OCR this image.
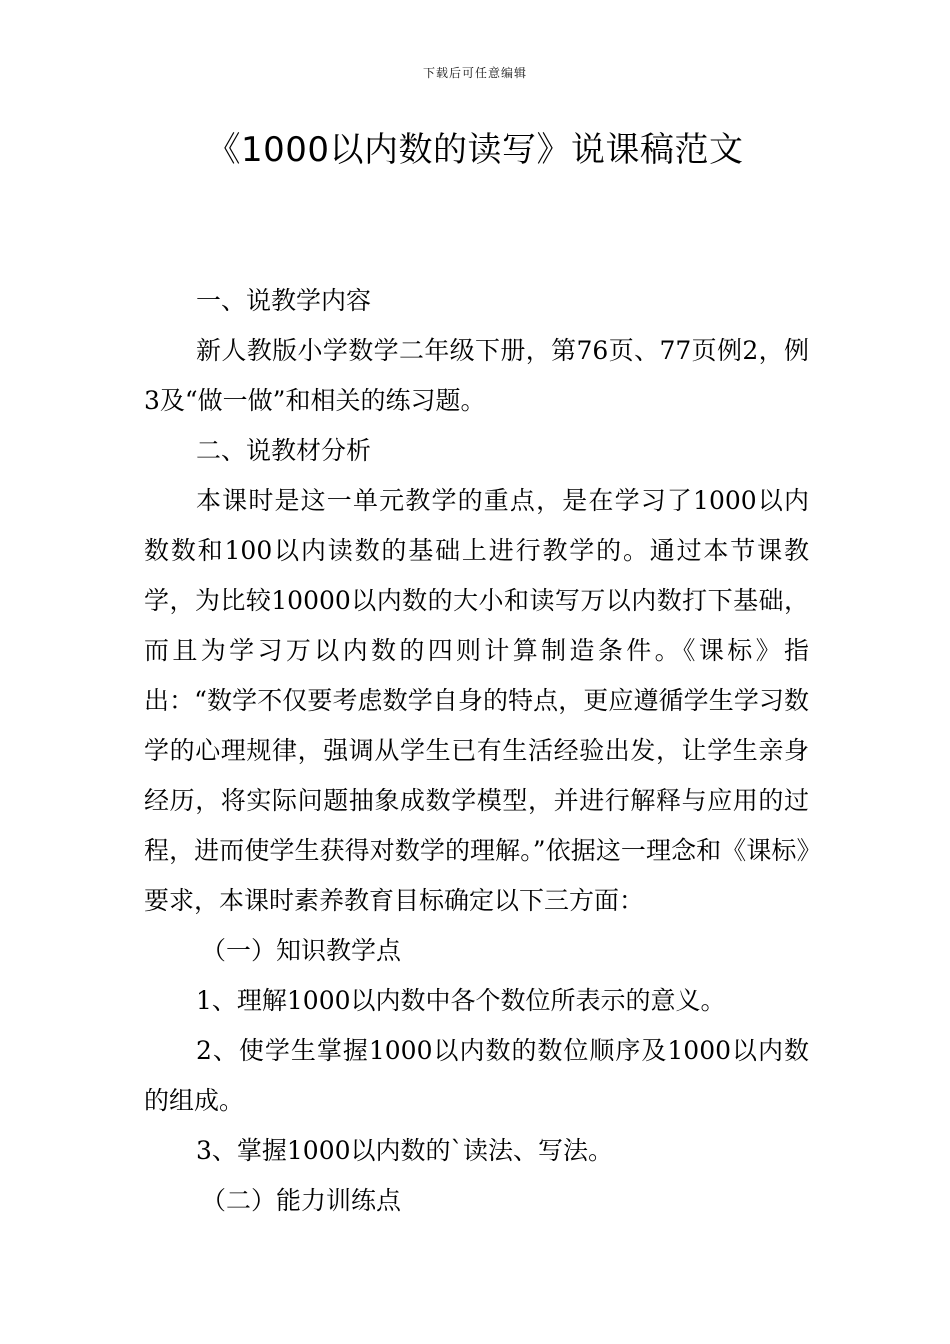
下载后可任意编辑
《1000以内数的读写》说课稿范文

一、说教学内容

新人教版小学数学二年级下册，第76页、77页例2，例3及“做一做”和相关的练习题。

二、说教材分析

本课时是这一单元教学的重点，是在学习了1000以内数数和100以内读数的基础上进行教学的。通过本节课教学，为比较10000以内数的大小和读写万以内数打下基础，而且为学习万以内数的四则计算制造条件。《课标》指出：“数学不仅要考虑数学自身的特点，更应遵循学生学习数学的心理规律，强调从学生已有生活经验出发，让学生亲身经历，将实际问题抽象成数学模型，并进行解释与应用的过程，进而使学生获得对数学的理解。”依据这一理念和《课标》要求，本课时素养教育目标确定以下三方面：

（一）知识教学点

1、理解1000以内数中各个数位所表示的意义。

2、使学生掌握1000以内数的数位顺序及1000以内数的组成。

3、掌握1000以内数的`读法、写法。

（二）能力训练点
